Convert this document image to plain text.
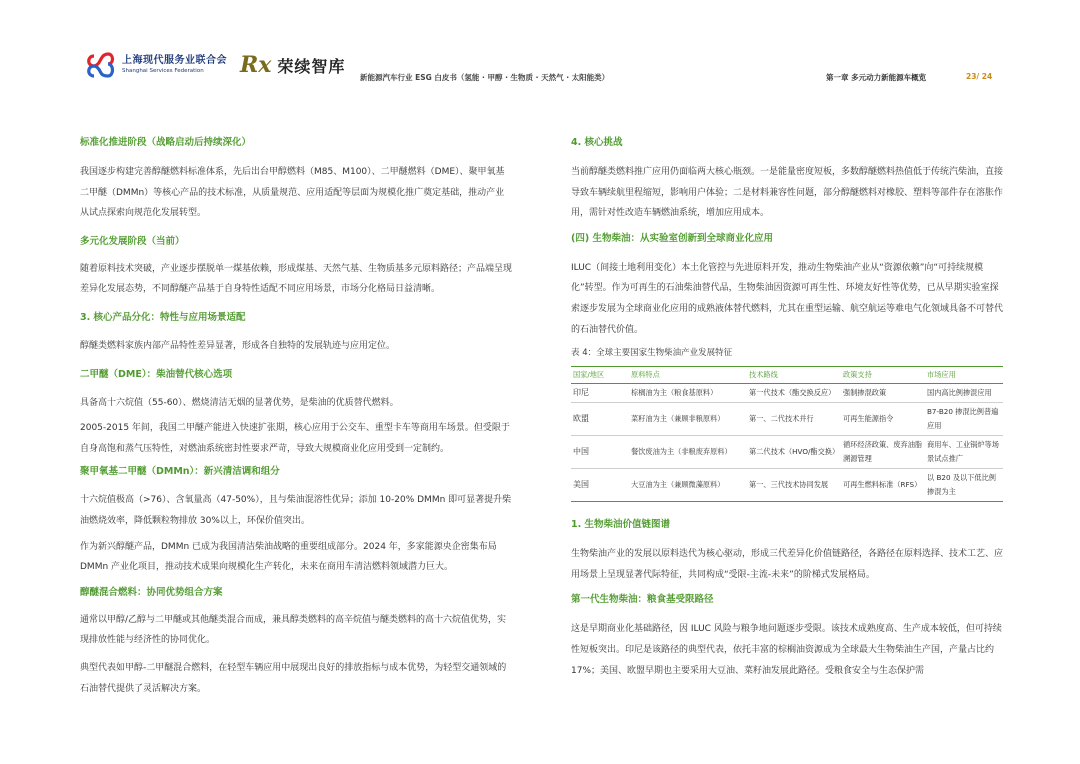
上海现代服务业联合会
Shanghai Services Federation	Rx 荣续智库
新能源汽车行业 ESG 白皮书（氢能 · 甲醇 · 生物质 · 天然气 · 太阳能类）	第一章 多元动力新能源车概览	23/ 24
标准化推进阶段（战略启动后持续深化）
我国逐步构建完善醇醚燃料标准体系，先后出台甲醇燃料（M85、M100）、二甲醚燃料（DME）、聚甲氧基二甲醚（DMMn）等核心产品的技术标准，从质量规范、应用适配等层面为规模化推广奠定基础，推动产业从试点探索向规范化发展转型。
多元化发展阶段（当前）
随着原料技术突破，产业逐步摆脱单一煤基依赖，形成煤基、天然气基、生物质基多元原料路径；产品端呈现差异化发展态势，不同醇醚产品基于自身特性适配不同应用场景，市场分化格局日益清晰。
3. 核心产品分化：特性与应用场景适配
醇醚类燃料家族内部产品特性差异显著，形成各自独特的发展轨迹与应用定位。
二甲醚（DME）：柴油替代核心选项
具备高十六烷值（55-60）、燃烧清洁无烟的显著优势，是柴油的优质替代燃料。
2005-2015 年间，我国二甲醚产能进入快速扩张期，核心应用于公交车、重型卡车等商用车场景。但受限于自身高饱和蒸气压特性，对燃油系统密封性要求严苛，导致大规模商业化应用受到一定制约。
聚甲氧基二甲醚（DMMn）：新兴清洁调和组分
十六烷值极高（>76）、含氧量高（47-50%），且与柴油混溶性优异；添加 10-20% DMMn 即可显著提升柴油燃烧效率，降低颗粒物排放 30%以上，环保价值突出。
作为新兴醇醚产品，DMMn 已成为我国清洁柴油战略的重要组成部分。2024 年，多家能源央企密集布局 DMMn 产业化项目，推动技术成果向规模化生产转化，未来在商用车清洁燃料领域潜力巨大。
醇醚混合燃料：协同优势组合方案
通常以甲醇/乙醇与二甲醚或其他醚类混合而成，兼具醇类燃料的高辛烷值与醚类燃料的高十六烷值优势，实现排放性能与经济性的协同优化。
典型代表如甲醇-二甲醚混合燃料，在轻型车辆应用中展现出良好的排放指标与成本优势，为轻型交通领域的石油替代提供了灵活解决方案。
4. 核心挑战
当前醇醚类燃料推广应用仍面临两大核心瓶颈。一是能量密度短板，多数醇醚燃料热值低于传统汽柴油，直接导致车辆续航里程缩短，影响用户体验；二是材料兼容性问题，部分醇醚燃料对橡胶、塑料等部件存在溶胀作用，需针对性改造车辆燃油系统，增加应用成本。
(四) 生物柴油：从实验室创新到全球商业化应用
ILUC（间接土地利用变化）本土化管控与先进原料开发，推动生物柴油产业从“资源依赖”向“可持续规模化”转型。作为可再生的石油柴油替代品，生物柴油因资源可再生性、环境友好性等优势，已从早期实验室探索逐步发展为全球商业化应用的成熟液体替代燃料，尤其在重型运输、航空航运等难电气化领域具备不可替代的石油替代价值。
表 4：全球主要国家生物柴油产业发展特征
国家/地区	原料特点	技术路线	政策支持	市场应用
印尼	棕榈油为主（粮食基原料）	第一代技术（酯交换反应）	强制掺混政策	国内高比例掺混应用
欧盟	菜籽油为主（兼顾非粮原料）	第一、二代技术并行	可再生能源指令	B7-B20 掺混比例普遍应用
中国	餐饮废油为主（非粮废弃原料）	第二代技术（HVO/酯交换）	循环经济政策、废弃油脂溯源管理	商用车、工业锅炉等场景试点推广
美国	大豆油为主（兼顾微藻原料）	第一、三代技术协同发展	可再生燃料标准（RFS）	以 B20 及以下低比例掺混为主
1. 生物柴油价值链图谱
生物柴油产业的发展以原料迭代为核心驱动，形成三代差异化价值链路径，各路径在原料选择、技术工艺、应用场景上呈现显著代际特征，共同构成“受限-主流-未来”的阶梯式发展格局。
第一代生物柴油：粮食基受限路径
这是早期商业化基础路径，因 ILUC 风险与粮争地问题逐步受限。该技术成熟度高、生产成本较低，但可持续性短板突出。印尼是该路径的典型代表，依托丰富的棕榈油资源成为全球最大生物柴油生产国，产量占比约 17%；美国、欧盟早期也主要采用大豆油、菜籽油发展此路径。受粮食安全与生态保护需
